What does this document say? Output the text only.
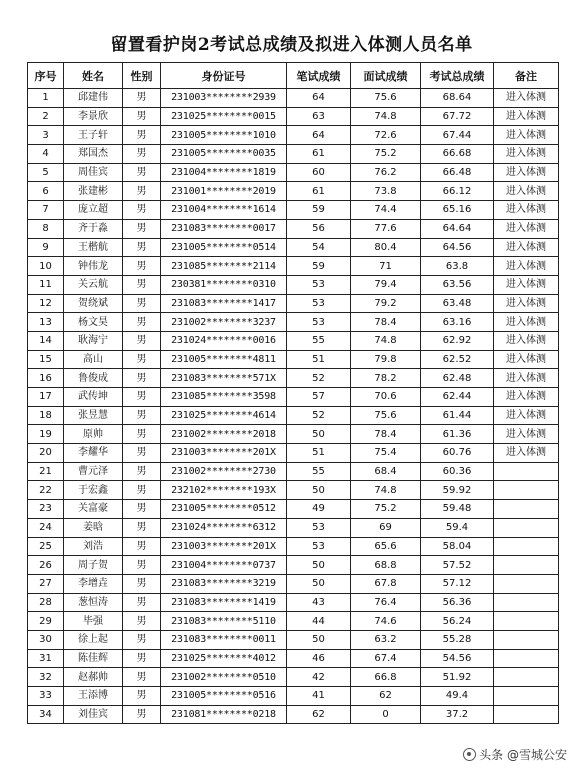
留置看护岗2考试总成绩及拟进入体测人员名单
序号	姓名	性别	身份证号	笔试成绩	面试成绩	考试总成绩	备注
1	邱建伟	男	231003********2939	64	75.6	68.64	进入体测
2	李景欣	男	231025********0015	63	74.8	67.72	进入体测
3	王子轩	男	231005********1010	64	72.6	67.44	进入体测
4	郑国杰	男	231005********0035	61	75.2	66.68	进入体测
5	周佳宾	男	231004********1819	60	76.2	66.48	进入体测
6	张建彬	男	231001********2019	61	73.8	66.12	进入体测
7	庞立超	男	231004********1614	59	74.4	65.16	进入体测
8	齐于淼	男	231083********0017	56	77.6	64.64	进入体测
9	王楷航	男	231005********0514	54	80.4	64.56	进入体测
10	钟伟龙	男	231085********2114	59	71	63.8	进入体测
11	关云航	男	230381********0310	53	79.4	63.56	进入体测
12	贺绕斌	男	231083********1417	53	79.2	63.48	进入体测
13	杨文昊	男	231002********3237	53	78.4	63.16	进入体测
14	耿海宁	男	231024********0016	55	74.8	62.92	进入体测
15	高山	男	231005********4811	51	79.8	62.52	进入体测
16	鲁俊成	男	231083********571X	52	78.2	62.48	进入体测
17	武传坤	男	231085********3598	57	70.6	62.44	进入体测
18	张昱慧	男	231025********4614	52	75.6	61.44	进入体测
19	原帅	男	231002********2018	50	78.4	61.36	进入体测
20	李耀华	男	231003********201X	51	75.4	60.76	进入体测
21	曹元泽	男	231002********2730	55	68.4	60.36	
22	于宏鑫	男	232102********193X	50	74.8	59.92	
23	关富豪	男	231005********0512	49	75.2	59.48	
24	姜晗	男	231024********6312	53	69	59.4	
25	刘浩	男	231003********201X	53	65.6	58.04	
26	周子贺	男	231004********0737	50	68.8	57.52	
27	李增垚	男	231083********3219	50	67.8	57.12	
28	葱恒涛	男	231083********1419	43	76.4	56.36	
29	毕强	男	231083********5110	44	74.6	56.24	
30	徐上起	男	231083********0011	50	63.2	55.28	
31	陈佳辉	男	231025********4012	46	67.4	54.56	
32	赵郝帅	男	231002********0510	42	66.8	51.92	
33	王添博	男	231005********0516	41	62	49.4	
34	刘佳宾	男	231081********0218	62	0	37.2	
头条 @雪城公安
